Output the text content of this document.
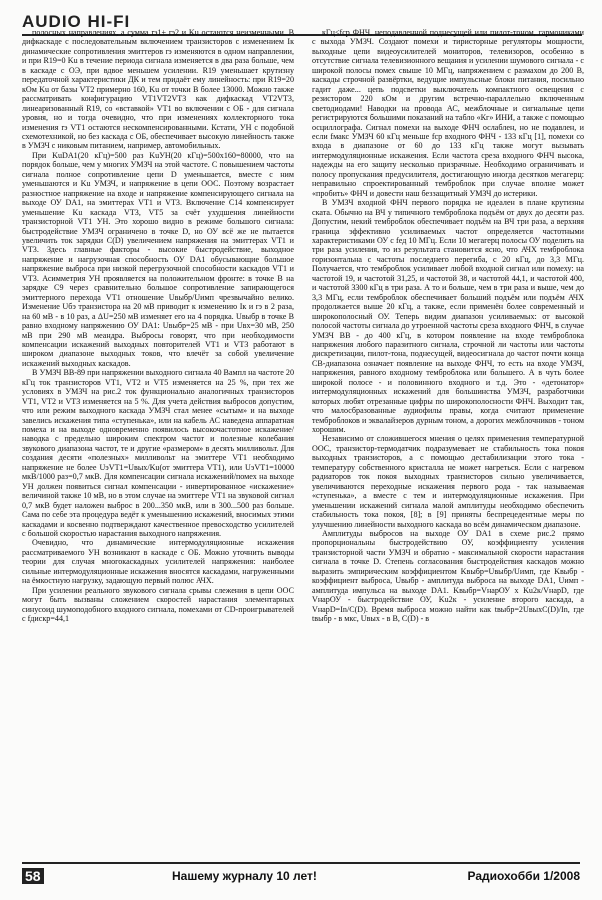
AUDIO HI-FI

полосных направлениях, а сумма rэ1+ rэ2 и Ku остаются неизменными. В дифкаскаде с последовательным включением транзисторов с изменением Iк динамические сопротивления эмиттеров rэ изменяются в одном направлении, и при R19=0 Ku в течение периода сигнала изменяется в два раза больше, чем в каскаде с ОЭ, при вдвое меньшем усилении. R19 уменьшает крутизну передаточной характеристики ДК и тем придаёт ему линейность: при R19=20 кОм Ku от базы VT2 примерно 160, Ku от точки В более 13000. Можно также рассматривать конфигурацию VT1VT2VT3 как дифкаскад VT2VT3, линеаризованный R19, со «вставкой» VT1 во включении с ОБ - для сигнала уровня, но и тогда очевидно, что при изменениях коллекторного тока изменения rэ VT1 остаются нескомпенсированными. Кстати, УН с подобной схемотехникой, но без каскада с ОБ, обеспечивает высокую линейность также в УМЗЧ с никовым питанием, например, автомобильных.

При KuDA1(20 кГц)=500 раз KuУН(20 кГц)=500х160=80000, что на порядок больше, чем у многих УМЗЧ на этой частоте. С повышением частоты сигнала полное сопротивление цепи D уменьшается, вместе с ним уменьшаются и Ku УМЗЧ, и напряжение в цепи ООС. Поэтому возрастает разностное напряжение на входе и напряжение компенсирующего сигнала на выходе ОУ DA1, на эмиттерах VT1 и VT3. Включение C14 компенсирует уменьшение Ku каскада VT3, VT5 за счёт ухудшения линейности транзисторной VT1 УН. Это хорошо видно в режиме большого сигнала: быстродействие УМЗЧ ограничено в точке D, но ОУ всё же не пытается увеличить ток зарядки С(D) увеличением напряжения на эмиттерах VT1 и VT3. Здесь главные факторы - высокие быстродействие, выходное напряжение и нагрузочная способность ОУ DA1 обусывающие большое напряжение выброса при низкой перегрузочной способности каскадов VT1 и VT3. Асимметрия УН проявляется на положительном фронте: в точке В на зарядке С9 через сравнительно большое сопротивление запирающегося эмиттерного перехода VT1 отношение Uвыбр/Uимп чрезвычайно велико. Изменение Uбэ транзистора на 20 мВ приводит к изменению Iк и rэ в 2 раза, на 60 мВ - в 10 раз, а ΔU=250 мВ изменяет его на 4 порядка. Uвыбр в точке В равно входному напряжению ОУ DA1: Uвыбр=25 мВ - при Uвх=30 мВ, 250 мВ при 290 мВ меандра. Выбросы говорят, что при необходимости компенсации искажений выходных повторителей VT1 и VT3 работают в широком диапазоне выходных токов, что влечёт за собой увеличение искажений выходных каскадов.

В УМЗЧ ВВ-89 при напряжении выходного сигнала 40 Вампл на частоте 20 кГц ток транзисторов VT1, VT2 и VT5 изменяется на 25 %, при тех же условиях в УМЗЧ на рис.2 ток функционально аналогичных транзисторов VT1, VT2 и VT3 изменяется на 5 %. Для учета действия выбросов допустим, что или режим выходного каскада УМЗЧ стал менее «сытым» и на выходе завелись искажения типа «ступенька», или на кабель АС наведена аппаратная помеха и на выходе одновременно появилось высокочастотное искажение/наводка с предельно широким спектром частот и полезные колебания звукового диапазона частот, те и другие «размером» в десять милливольт. Для создания десяти «полезных» милливольт на эмиттере VT1 необходимо напряжение не более UэVT1=Uвых/Ku(от эмиттера VT1), или UэVT1=10000 мкВ/1000 раз=0,7 мкВ. Для компенсации сигнала искажений/помех на выходе УН должен появиться сигнал компенсации - инвертированное «искажение» величиной также 10 мВ, но в этом случае на эмиттере VT1 на звуковой сигнал 0,7 мкВ будет наложен выброс в 200...350 мкВ, или в 300...500 раз больше. Сама по себе эта процедура ведёт к уменьшению искажений, вносимых этими каскадами и косвенно подтверждают качественное превосходство усилителей с большой скоростью нарастания выходного напряжения.

Очевидно, что динамические интермодуляционные искажения рассматриваемого УН возникают в каскаде с ОБ. Можно уточнить выводы теории для случая многокаскадных усилителей напряжения: наиболее сильные интермодуляционные искажения вносятся каскадами, нагруженными на ёмкостную нагрузку, задающую первый полюс АЧХ.

При усилении реального звукового сигнала срывы слежения в цепи ООС могут быть вызваны сложением скоростей нарастания элементарных синусоид шумоподобного входного сигнала, помехами от CD-проигрывателей с fдискр=44,1

кГц<fср ФНЧ, неподавленной поднесущей или пилот-тоном, гармониками с выхода УМЗЧ. Создают помехи и тиристорные регуляторы мощности, выходные цепи видеоусилителей мониторов, телевизоров, особенно в отсутствие сигнала телевизионного вещания и усилении шумового сигнала - с широкой полосы помех свыше 10 МГц, напряжением с размахом до 200 В, каскады строчной развёртки, ведущие импульсные блоки питания, посильно гадит даже... цепь подсветки выключатель компактного освещения с резистором 220 кОм и другим встречно-параллельно включенным светодиодами! Наводки на провода АС, межблочные и сигнальные цепи регистрируются большими показаний на табло «Кг» ИНИ, а также с помощью осциллографа. Сигнал помехи на выходе ФНЧ ослаблен, но не подавлен, и если fмакс УМЗЧ 60 кГц меньше fср входного ФНЧ - 133 кГц [1], помехи со входа в диапазоне от 60 до 133 кГц также могут вызывать интермодуляционные искажения. Если частота среза входного ФНЧ высока, надежды на его защиту несколько призрачные. Необходимо ограничивать и полосу пропускания предусилителя, достигающую иногда десятков мегагерц: неправильно спроектированный темброблок при случае вполне может «пробить» ФНЧ и довести наш беззащитный УМЗЧ до истерики.

В УМЗЧ входной ФНЧ первого порядка не идеален в плане крутизны ската. Обычно на ВЧ у типичного темброблока подъём от двух до десяти раз. Допустим, некий темброблок обеспечивает подъём на ВЧ три раза, а верхняя граница эффективно усиливаемых частот определяется частотными характеристиками ОУ с fед 10 МГц. Если 10 мегагерц полосы ОУ поделить на три раза усиления, то из результата становится ясно, что АЧХ темброблока горизонтальна с частоты последнего перегиба, с 20 кГц, до 3,3 МГц. Получается, что темброблок усиливает любой входной сигнал или помеху: на частотой 19, и частотой 31,25, и частотой 38, и частотой 44,1, и частотой 400, и частотой 3300 кГц в три раза. А то и больше, чем в три раза и выше, чем до 3,3 МГц, если темброблок обеспечивает больший подъём или подъём АЧХ продолжается выше 20 кГц, а также, если применён более современный и широкополосный ОУ. Теперь видим диапазон усиливаемых: от высокой полосой частоты сигнала до утроенной частоты среза входного ФНЧ, в случае УМЗЧ ВВ - до 400 кГц, в котором появление на входе темброблока напряжения любого паразитного сигнала, строчной ли частоты или частоты дискретизации, пилот-тона, поднесущей, видеосигнала до частот почти конца СВ-диапазона означает появление на выходе ФНЧ, то есть на входе УМЗЧ, напряжения, равного входному темброблока или большего. А в чуть более широкой полосе - и половинного входного и т.д. Это - «детонатор» интермодуляционных искажений для большинства УМЗЧ, разработчики которых любят отрезанные цифры по широкополосности ФНЧ. Выходит так, что малосбразованные аудиофилы правы, когда считают применение темброблоков и эквалайзеров дурным тоном, а дорогих межблочников - тоном хорошим.

Независимо от сложившегося мнения о целях применения температурной ООС, транзистор-термодатчик подразумевает не стабильность тока покоя выходных транзисторов, а с помощью дестабилизации этого тока - температуру собственного кристалла не может нагреться. Если с нагревом радиаторов ток покоя выходных транзисторов сильно увеличивается, увеличиваются переходные искажения первого рода - так называемая «ступенька», а вместе с тем и интермодуляционные искажения. При уменьшении искажений сигнала малой амплитуды необходимо обеспечить стабильность тока покоя, [8]; в [9] приняты беспрецедентные меры по улучшению линейности выходного каскада во всём динамическом диапазоне.

Амплитуды выбросов на выходе ОУ DA1 в схеме рис.2 прямо пропорциональны быстродействию ОУ, коэффициенту усиления транзисторной части УМЗЧ и обратно - максимальной скорости нарастания сигнала в точке D. Степень согласования быстродействия каскадов можно выразить эмпирическим коэффициентом Kвыбр=Uвыбр/Uимп, где Kвыбр - коэффициент выброса, Uвыбр - амплитуда выброса на выходе DA1, Uимп - амплитуда импульса на выходе DA1. Kвыбр=VнарОУ x Ku2к/VнарD, где VнарОУ - быстродействие ОУ, Ku2к - усиление второго каскада, а VнарD=In/C(D). Время выброса можно найти как tвыбр=2UвыхC(D)/In, где tвыбр - в мкс, Uвых - в В, C(D) - в

58	Нашему журналу 10 лет!	Радиохобби 1/2008
